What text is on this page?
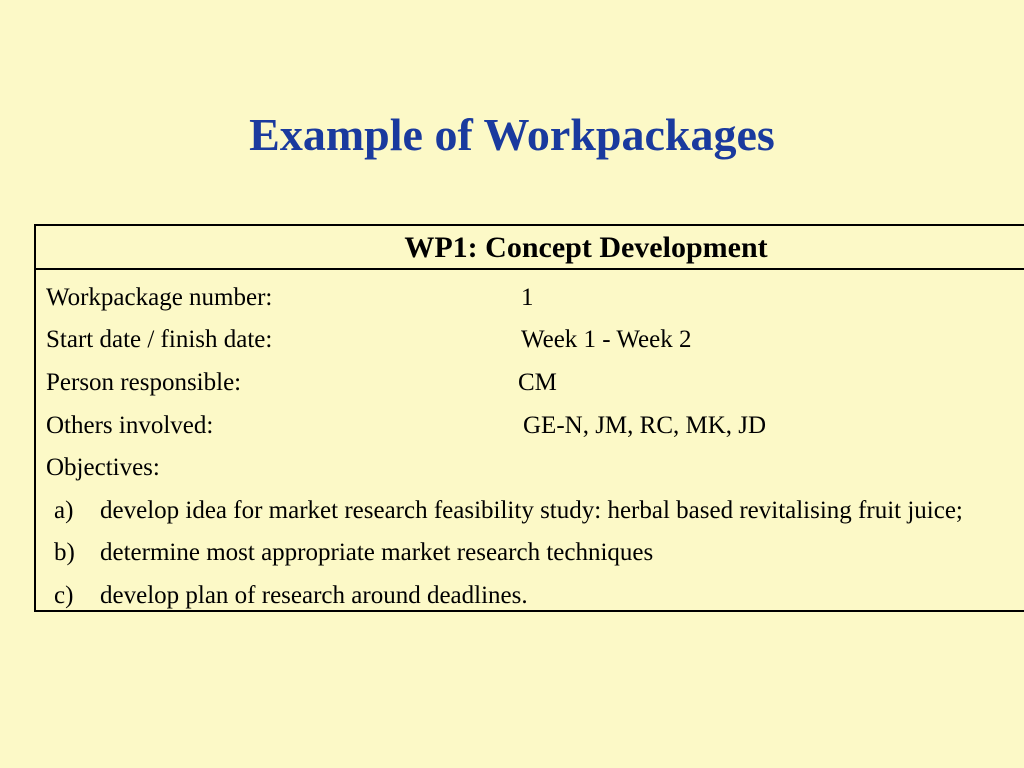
Example of Workpackages
WP1: Concept Development
Workpackage number:	1
Start date / finish date:	Week 1 - Week 2
Person responsible:	CM
Others involved:	GE-N, JM, RC, MK, JD
Objectives:
a) develop idea for market research feasibility study: herbal based revitalising fruit juice;
b) determine most appropriate market research techniques
c) develop plan of research around deadlines.
